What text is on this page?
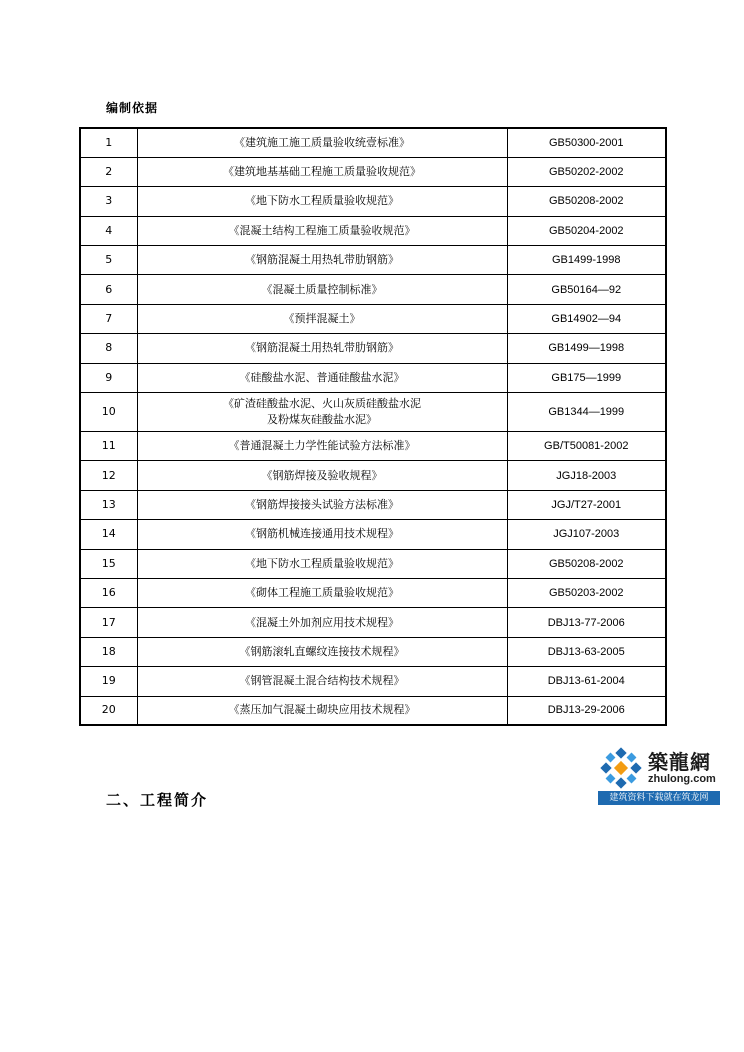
编制依据
1	《建筑施工施工质量验收统壹标准》	GB50300-2001
2	《建筑地基基础工程施工质量验收规范》	GB50202-2002
3	《地下防水工程质量验收规范》	GB50208-2002
4	《混凝土结构工程施工质量验收规范》	GB50204-2002
5	《钢筋混凝土用热轧带肋钢筋》	GB1499-1998
6	《混凝土质量控制标准》	GB50164—92
7	《预拌混凝土》	GB14902—94
8	《钢筋混凝土用热轧带肋钢筋》	GB1499—1998
9	《硅酸盐水泥、普通硅酸盐水泥》	GB175—1999
10	《矿渣硅酸盐水泥、火山灰质硅酸盐水泥
及粉煤灰硅酸盐水泥》	GB1344—1999
11	《普通混凝土力学性能试验方法标准》	GB/T50081-2002
12	《钢筋焊接及验收规程》	JGJ18-2003
13	《钢筋焊接接头试验方法标准》	JGJ/T27-2001
14	《钢筋机械连接通用技术规程》	JGJ107-2003
15	《地下防水工程质量验收规范》	GB50208-2002
16	《砌体工程施工质量验收规范》	GB50203-2002
17	《混凝土外加剂应用技术规程》	DBJ13-77-2006
18	《钢筋滚轧直螺纹连接技术规程》	DBJ13-63-2005
19	《钢管混凝土混合结构技术规程》	DBJ13-61-2004
20	《蒸压加气混凝土砌块应用技术规程》	DBJ13-29-2006
築龍網
zhulong.com
建筑资料下载就在筑龙网
二、工程简介
